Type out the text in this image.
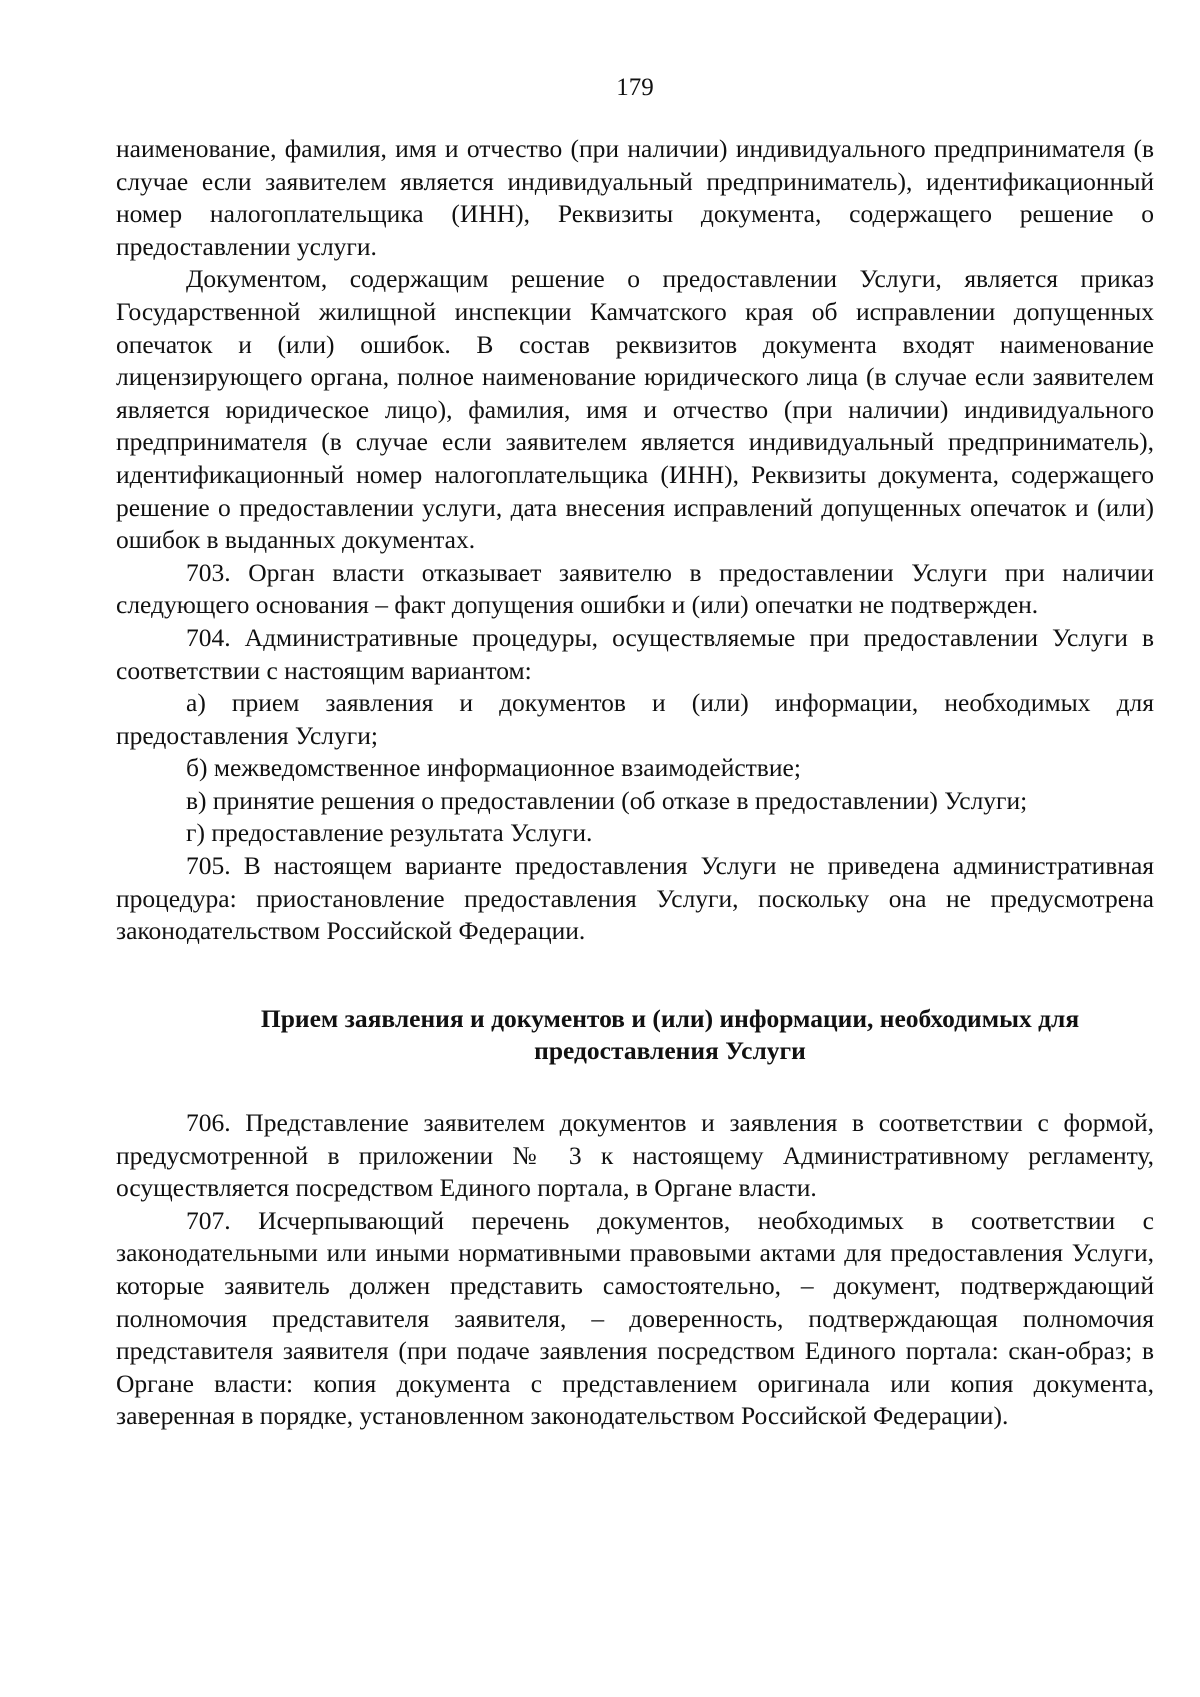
179

наименование, фамилия, имя и отчество (при наличии) индивидуального предпринимателя (в случае если заявителем является индивидуальный предприниматель), идентификационный номер налогоплательщика (ИНН), Реквизиты документа, содержащего решение о предоставлении услуги.

Документом, содержащим решение о предоставлении Услуги, является приказ Государственной жилищной инспекции Камчатского края об исправлении допущенных опечаток и (или) ошибок. В состав реквизитов документа входят наименование лицензирующего органа, полное наименование юридического лица (в случае если заявителем является юридическое лицо), фамилия, имя и отчество (при наличии) индивидуального предпринимателя (в случае если заявителем является индивидуальный предприниматель), идентификационный номер налогоплательщика (ИНН), Реквизиты документа, содержащего решение о предоставлении услуги, дата внесения исправлений допущенных опечаток и (или) ошибок в выданных документах.

703. Орган власти отказывает заявителю в предоставлении Услуги при наличии следующего основания – факт допущения ошибки и (или) опечатки не подтвержден.

704. Административные процедуры, осуществляемые при предоставлении Услуги в соответствии с настоящим вариантом:

а) прием заявления и документов и (или) информации, необходимых для предоставления Услуги;

б) межведомственное информационное взаимодействие;

в) принятие решения о предоставлении (об отказе в предоставлении) Услуги;

г) предоставление результата Услуги.

705. В настоящем варианте предоставления Услуги не приведена административная процедура: приостановление предоставления Услуги, поскольку она не предусмотрена законодательством Российской Федерации.

Прием заявления и документов и (или) информации, необходимых для
предоставления Услуги

706. Представление заявителем документов и заявления в соответствии с формой, предусмотренной в приложении № 3 к настоящему Административному регламенту, осуществляется посредством Единого портала, в Органе власти.

707. Исчерпывающий перечень документов, необходимых в соответствии с законодательными или иными нормативными правовыми актами для предоставления Услуги, которые заявитель должен представить самостоятельно, – документ, подтверждающий полномочия представителя заявителя, – доверенность, подтверждающая полномочия представителя заявителя (при подаче заявления посредством Единого портала: скан-образ; в Органе власти: копия документа с представлением оригинала или копия документа, заверенная в порядке, установленном законодательством Российской Федерации).
